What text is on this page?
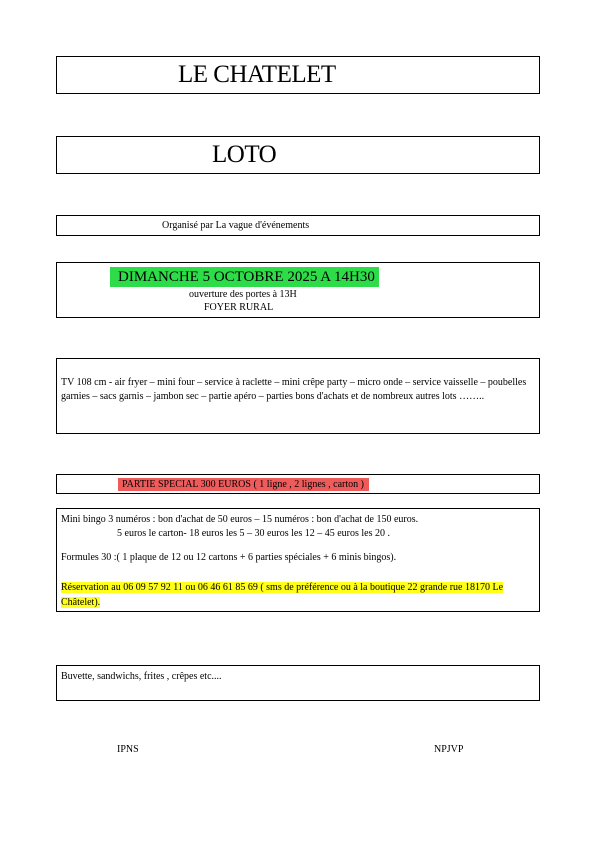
LE CHATELET
LOTO
Organisé par La vague d'événements
DIMANCHE 5 OCTOBRE 2025 A 14H30
ouverture des portes à 13H
FOYER RURAL
TV 108 cm - air fryer – mini four – service à raclette – mini crêpe party – micro onde – service vaisselle – poubelles garnies – sacs garnis – jambon sec – partie apéro – parties bons d'achats et de nombreux autres lots ……..
PARTIE SPECIAL 300 EUROS ( 1 ligne , 2 lignes , carton )
Mini bingo 3 numéros : bon d'achat de 50 euros – 15 numéros : bon d'achat de 150 euros.
5 euros le carton- 18 euros les 5 – 30 euros les 12 – 45 euros les 20 .
Formules 30 :( 1 plaque de 12 ou 12 cartons + 6 parties spéciales + 6 minis bingos).
Réservation au 06 09 57 92 11 ou 06 46 61 85 69 ( sms de préférence ou à la boutique 22 grande rue 18170 Le Châtelet).
Buvette, sandwichs, frites , crêpes etc....
IPNS	NPJVP
